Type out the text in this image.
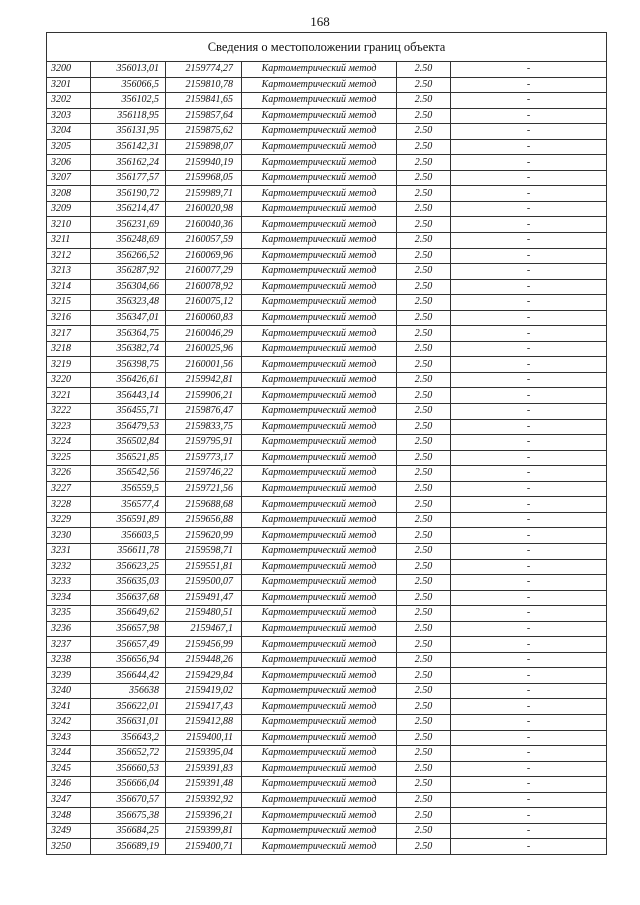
168
Сведения о местоположении границ объекта					
3200	356013,01	2159774,27	Картометрический метод	2.50	-
3201	356066,5	2159810,78	Картометрический метод	2.50	-
3202	356102,5	2159841,65	Картометрический метод	2.50	-
3203	356118,95	2159857,64	Картометрический метод	2.50	-
3204	356131,95	2159875,62	Картометрический метод	2.50	-
3205	356142,31	2159898,07	Картометрический метод	2.50	-
3206	356162,24	2159940,19	Картометрический метод	2.50	-
3207	356177,57	2159968,05	Картометрический метод	2.50	-
3208	356190,72	2159989,71	Картометрический метод	2.50	-
3209	356214,47	2160020,98	Картометрический метод	2.50	-
3210	356231,69	2160040,36	Картометрический метод	2.50	-
3211	356248,69	2160057,59	Картометрический метод	2.50	-
3212	356266,52	2160069,96	Картометрический метод	2.50	-
3213	356287,92	2160077,29	Картометрический метод	2.50	-
3214	356304,66	2160078,92	Картометрический метод	2.50	-
3215	356323,48	2160075,12	Картометрический метод	2.50	-
3216	356347,01	2160060,83	Картометрический метод	2.50	-
3217	356364,75	2160046,29	Картометрический метод	2.50	-
3218	356382,74	2160025,96	Картометрический метод	2.50	-
3219	356398,75	2160001,56	Картометрический метод	2.50	-
3220	356426,61	2159942,81	Картометрический метод	2.50	-
3221	356443,14	2159906,21	Картометрический метод	2.50	-
3222	356455,71	2159876,47	Картометрический метод	2.50	-
3223	356479,53	2159833,75	Картометрический метод	2.50	-
3224	356502,84	2159795,91	Картометрический метод	2.50	-
3225	356521,85	2159773,17	Картометрический метод	2.50	-
3226	356542,56	2159746,22	Картометрический метод	2.50	-
3227	356559,5	2159721,56	Картометрический метод	2.50	-
3228	356577,4	2159688,68	Картометрический метод	2.50	-
3229	356591,89	2159656,88	Картометрический метод	2.50	-
3230	356603,5	2159620,99	Картометрический метод	2.50	-
3231	356611,78	2159598,71	Картометрический метод	2.50	-
3232	356623,25	2159551,81	Картометрический метод	2.50	-
3233	356635,03	2159500,07	Картометрический метод	2.50	-
3234	356637,68	2159491,47	Картометрический метод	2.50	-
3235	356649,62	2159480,51	Картометрический метод	2.50	-
3236	356657,98	2159467,1	Картометрический метод	2.50	-
3237	356657,49	2159456,99	Картометрический метод	2.50	-
3238	356656,94	2159448,26	Картометрический метод	2.50	-
3239	356644,42	2159429,84	Картометрический метод	2.50	-
3240	356638	2159419,02	Картометрический метод	2.50	-
3241	356622,01	2159417,43	Картометрический метод	2.50	-
3242	356631,01	2159412,88	Картометрический метод	2.50	-
3243	356643,2	2159400,11	Картометрический метод	2.50	-
3244	356652,72	2159395,04	Картометрический метод	2.50	-
3245	356660,53	2159391,83	Картометрический метод	2.50	-
3246	356666,04	2159391,48	Картометрический метод	2.50	-
3247	356670,57	2159392,92	Картометрический метод	2.50	-
3248	356675,38	2159396,21	Картометрический метод	2.50	-
3249	356684,25	2159399,81	Картометрический метод	2.50	-
3250	356689,19	2159400,71	Картометрический метод	2.50	-
